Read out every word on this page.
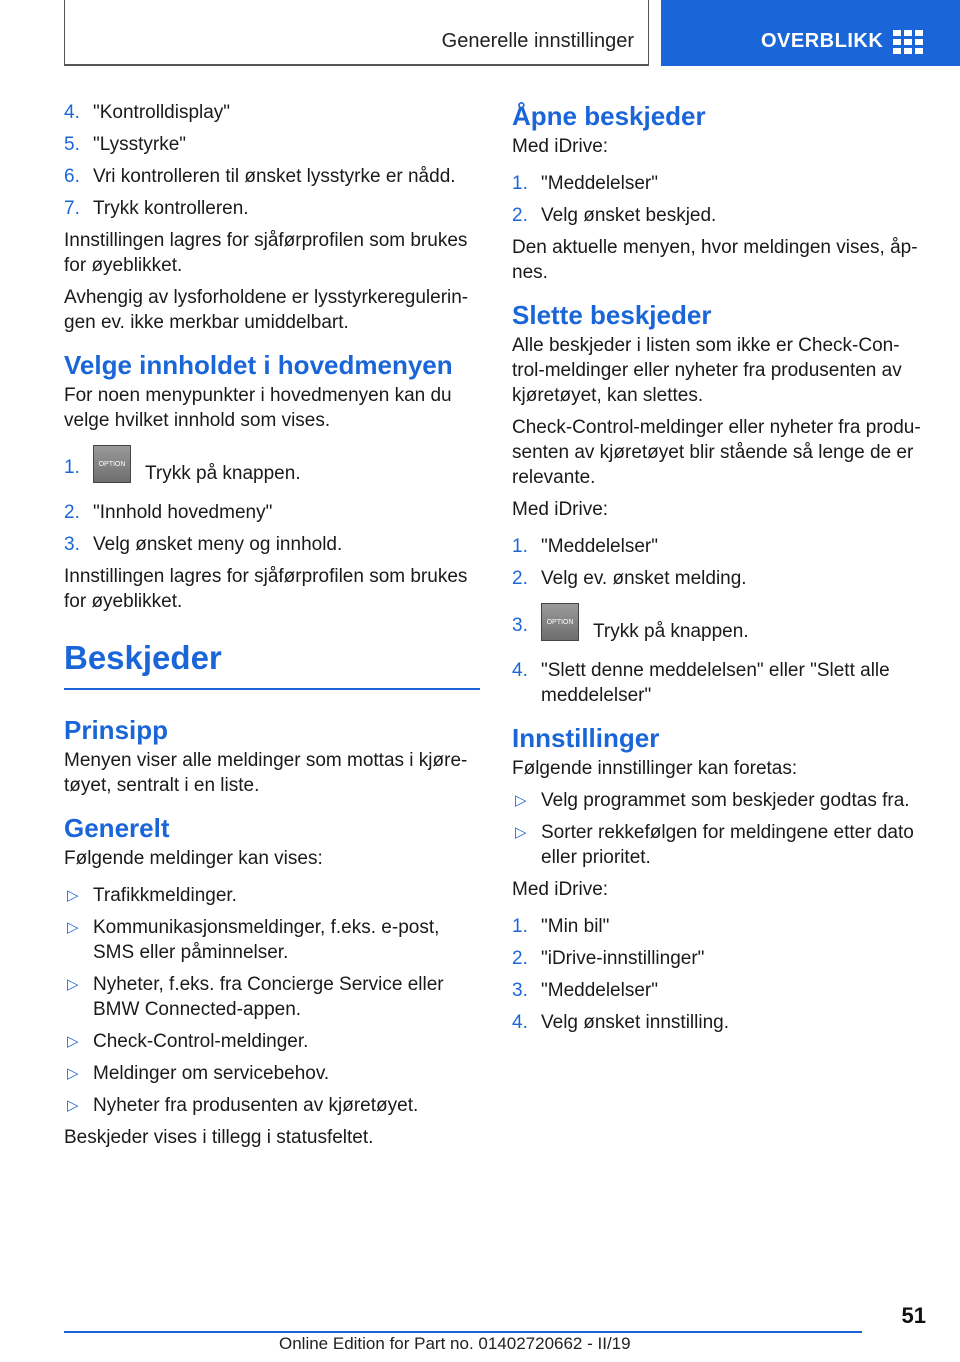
Generelle innstillinger	OVERBLIKK
4. "Kontrolldisplay"
5. "Lysstyrke"
6. Vri kontrolleren til ønsket lysstyrke er nådd.
7. Trykk kontrolleren.

Innstillingen lagres for sjåførprofilen som brukes for øyeblikket.

Avhengig av lysforholdene er lysstyrkeregulerin‐gen ev. ikke merkbar umiddelbart.

Velge innholdet i hovedmenyen

For noen menypunkter i hovedmenyen kan du velge hvilket innhold som vises.

1.	OPTION Trykk på knappen.
2. "Innhold hovedmeny"
3. Velg ønsket meny og innhold.

Innstillingen lagres for sjåførprofilen som brukes for øyeblikket.

Beskjeder
Prinsipp

Menyen viser alle meldinger som mottas i kjøre‐tøyet, sentralt i en liste.

Generelt

Følgende meldinger kan vises:

▷ Trafikkmeldinger.
▷ Kommunikasjonsmeldinger, f.eks. e-post, SMS eller påminnelser.
▷ Nyheter, f.eks. fra Concierge Service eller BMW Connected-appen.
▷ Check-Control-meldinger.
▷ Meldinger om servicebehov.
▷ Nyheter fra produsenten av kjøretøyet.

Beskjeder vises i tillegg i statusfeltet.

Åpne beskjeder

Med iDrive:

1. "Meddelelser"
2. Velg ønsket beskjed.

Den aktuelle menyen, hvor meldingen vises, åp‐nes.

Slette beskjeder

Alle beskjeder i listen som ikke er Check-Con‐trol-meldinger eller nyheter fra produsenten av kjøretøyet, kan slettes.

Check-Control-meldinger eller nyheter fra produ‐senten av kjøretøyet blir stående så lenge de er relevante.

Med iDrive:

1. "Meddelelser"
2. Velg ev. ønsket melding.
3.	OPTION Trykk på knappen.
4. "Slett denne meddelelsen" eller "Slett alle meddelelser"
Innstillinger

Følgende innstillinger kan foretas:

▷ Velg programmet som beskjeder godtas fra.
▷ Sorter rekkefølgen for meldingene etter dato eller prioritet.

Med iDrive:

1. "Min bil"
2. "iDrive-innstillinger"
3. "Meddelelser"
4. Velg ønsket innstilling.
51
Online Edition for Part no. 01402720662 - II/19
